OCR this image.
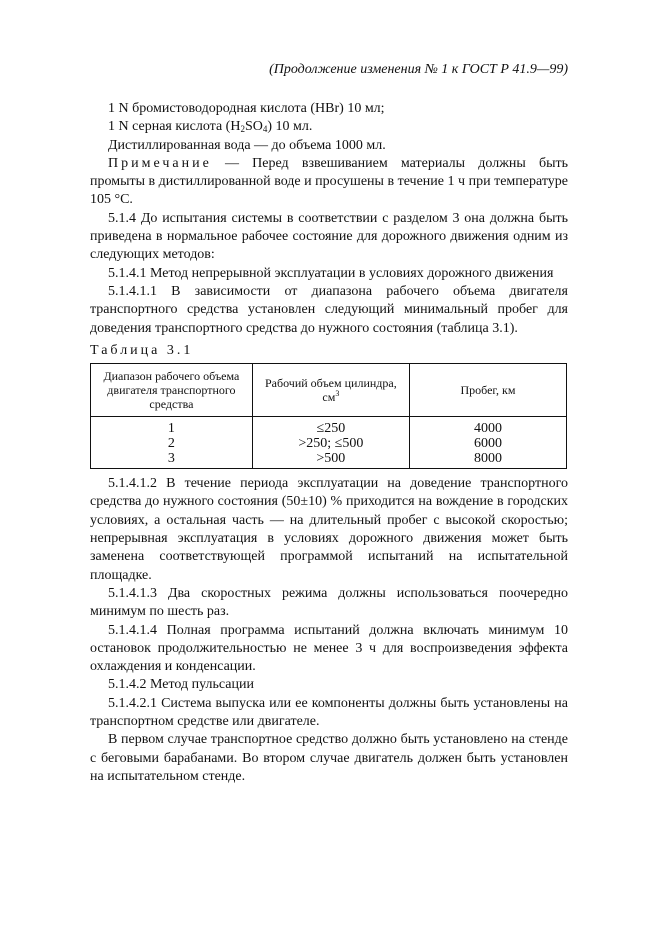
(Продолжение изменения № 1 к ГОСТ Р 41.9—99)

1 N бромистоводородная кислота (HBr) 10 мл;

1 N серная кислота $(H_2SO_4)$ 10 мл.

Дистиллированная вода — до объема 1000 мл.

Примечание — Перед взвешиванием материалы должны быть промыты в дистиллированной воде и просушены в течение 1 ч при температуре 105 °С.

5.1.4 До испытания системы в соответствии с разделом 3 она должна быть приведена в нормальное рабочее состояние для дорожного движения одним из следующих методов:

5.1.4.1 Метод непрерывной эксплуатации в условиях дорожного движения

5.1.4.1.1 В зависимости от диапазона рабочего объема двигателя транспортного средства установлен следующий минимальный пробег для доведения транспортного средства до нужного состояния (таблица 3.1).

Таблица 3.1

Диапазон рабочего объема двигателя транспортного средства	Рабочий объем цилиндра, $см^3$	Пробег, км
1	≤250	4000
2	>250; ≤500	6000
3	>500	8000

5.1.4.1.2 В течение периода эксплуатации на доведение транспортного средства до нужного состояния (50±10) % приходится на вождение в городских условиях, а остальная часть — на длительный пробег с высокой скоростью; непрерывная эксплуатация в условиях дорожного движения может быть заменена соответствующей программой испытаний на испытательной площадке.

5.1.4.1.3 Два скоростных режима должны использоваться поочередно минимум по шесть раз.

5.1.4.1.4 Полная программа испытаний должна включать минимум 10 остановок продолжительностью не менее 3 ч для воспроизведения эффекта охлаждения и конденсации.

5.1.4.2 Метод пульсации

5.1.4.2.1 Система выпуска или ее компоненты должны быть установлены на транспортном средстве или двигателе.

В первом случае транспортное средство должно быть установлено на стенде с беговыми барабанами. Во втором случае двигатель должен быть установлен на испытательном стенде.
